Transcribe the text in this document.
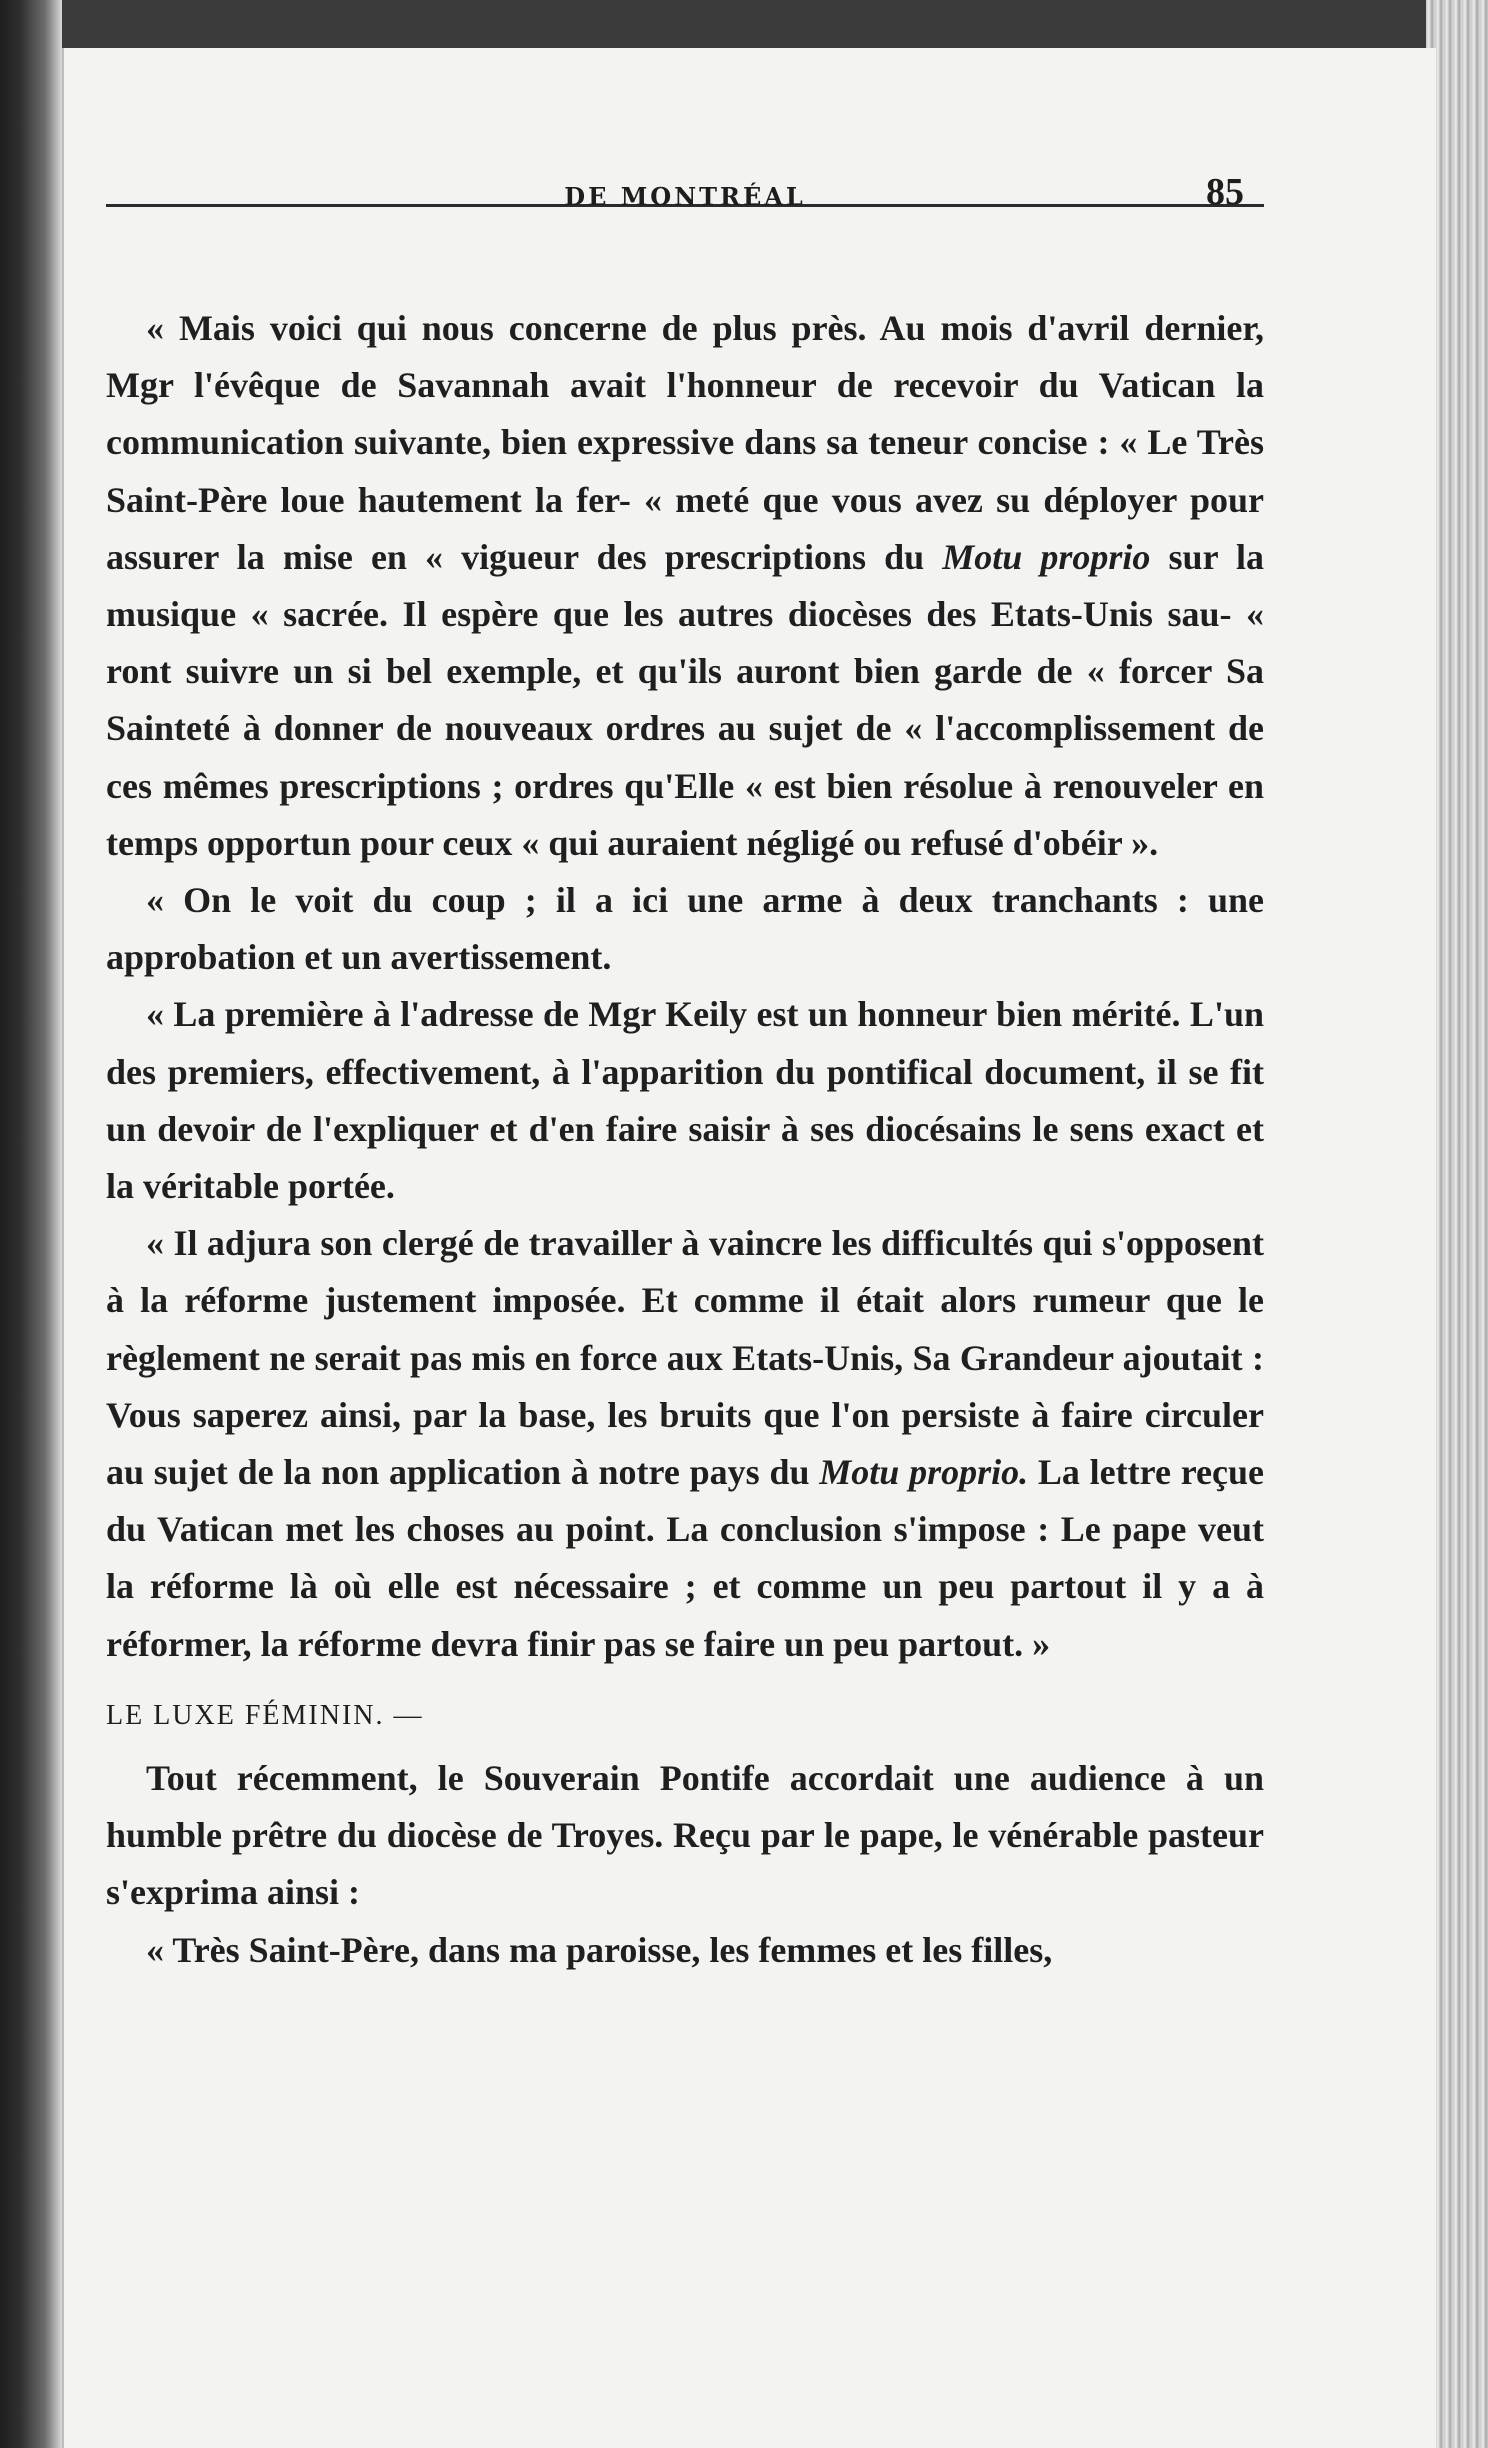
DE MONTRÉAL	85

« Mais voici qui nous concerne de plus près. Au mois d'avril dernier, Mgr l'évêque de Savannah avait l'honneur de recevoir du Vatican la communication suivante, bien expressive dans sa teneur concise : « Le Très Saint-Père loue hautement la fer- « meté que vous avez su déployer pour assurer la mise en « vigueur des prescriptions du Motu proprio sur la musique « sacrée. Il espère que les autres diocèses des Etats-Unis sau- « ront suivre un si bel exemple, et qu'ils auront bien garde de « forcer Sa Sainteté à donner de nouveaux ordres au sujet de « l'accomplissement de ces mêmes prescriptions ; ordres qu'Elle « est bien résolue à renouveler en temps opportun pour ceux « qui auraient négligé ou refusé d'obéir ».

« On le voit du coup ; il a ici une arme à deux tranchants : une approbation et un avertissement.

« La première à l'adresse de Mgr Keily est un honneur bien mérité. L'un des premiers, effectivement, à l'apparition du pontifical document, il se fit un devoir de l'expliquer et d'en faire saisir à ses diocésains le sens exact et la véritable portée.

« Il adjura son clergé de travailler à vaincre les difficultés qui s'opposent à la réforme justement imposée. Et comme il était alors rumeur que le règlement ne serait pas mis en force aux Etats-Unis, Sa Grandeur ajoutait : Vous saperez ainsi, par la base, les bruits que l'on persiste à faire circuler au sujet de la non application à notre pays du Motu proprio. La lettre reçue du Vatican met les choses au point. La conclusion s'impose : Le pape veut la réforme là où elle est nécessaire ; et comme un peu partout il y a à réformer, la réforme devra finir pas se faire un peu partout. »

LE LUXE FÉMININ. —

Tout récemment, le Souverain Pontife accordait une audience à un humble prêtre du diocèse de Troyes. Reçu par le pape, le vénérable pasteur s'exprima ainsi :

« Très Saint-Père, dans ma paroisse, les femmes et les filles,
